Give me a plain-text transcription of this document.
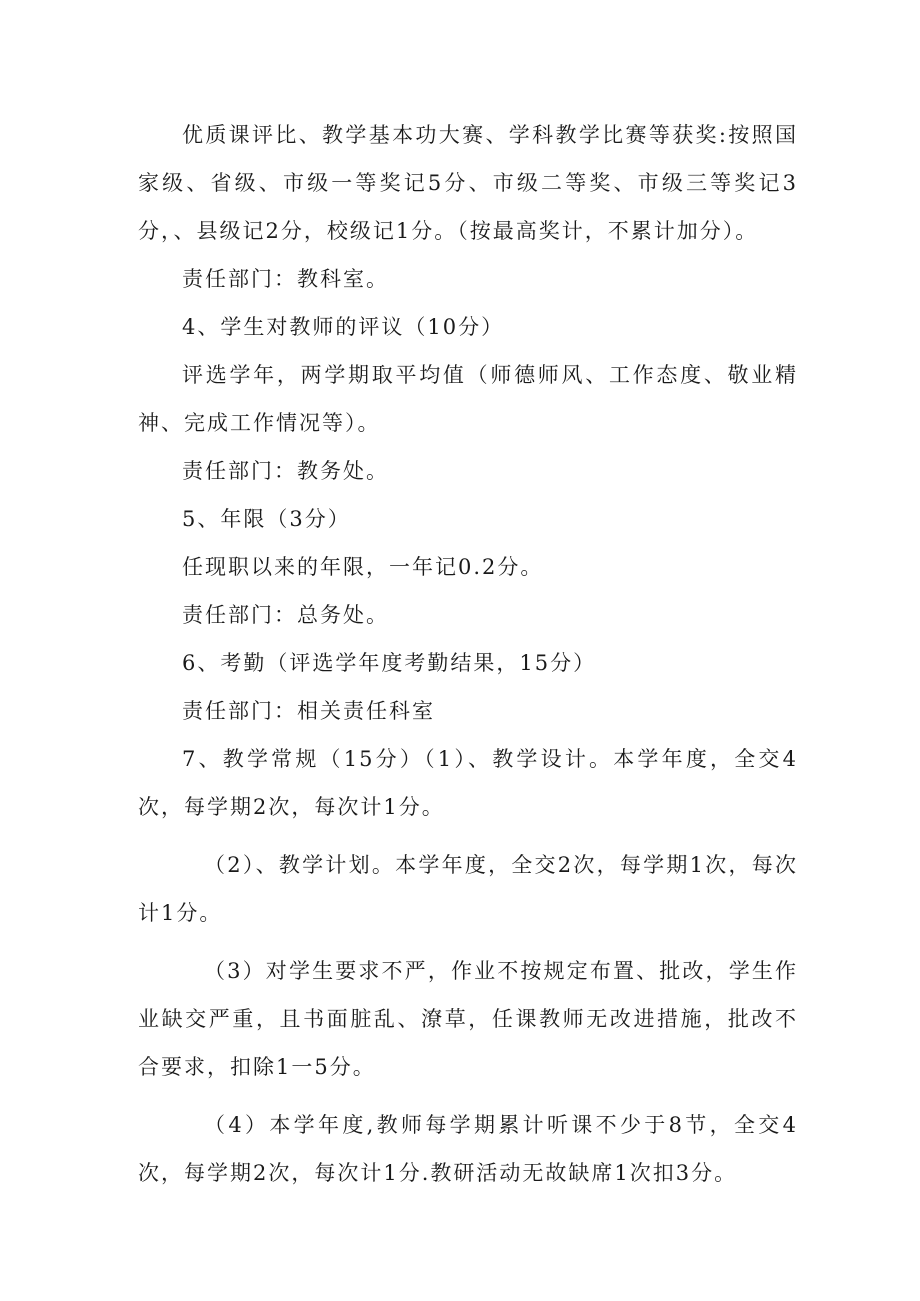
优质课评比、教学基本功大赛、学科教学比赛等获奖:按照国家级、省级、市级一等奖记5分、市级二等奖、市级三等奖记3分，、县级记2分，校级记1分。（按最高奖计，不累计加分）。

责任部门：教科室。

4、学生对教师的评议（10分）

评选学年，两学期取平均值（师德师风、工作态度、敬业精神、完成工作情况等）。

责任部门：教务处。

5、年限（3分）

任现职以来的年限，一年记0.2分。

责任部门：总务处。

6、考勤（评选学年度考勤结果，15分）

责任部门：相关责任科室

7、教学常规（15分）（1）、教学设计。本学年度，全交4次，每学期2次，每次计1分。

（2）、教学计划。本学年度，全交2次，每学期1次，每次计1分。

（3）对学生要求不严，作业不按规定布置、批改，学生作业缺交严重，且书面脏乱、潦草，任课教师无改进措施，批改不合要求，扣除1一5分。

（4）本学年度,教师每学期累计听课不少于8节，全交4次，每学期2次，每次计1分.教研活动无故缺席1次扣3分。
